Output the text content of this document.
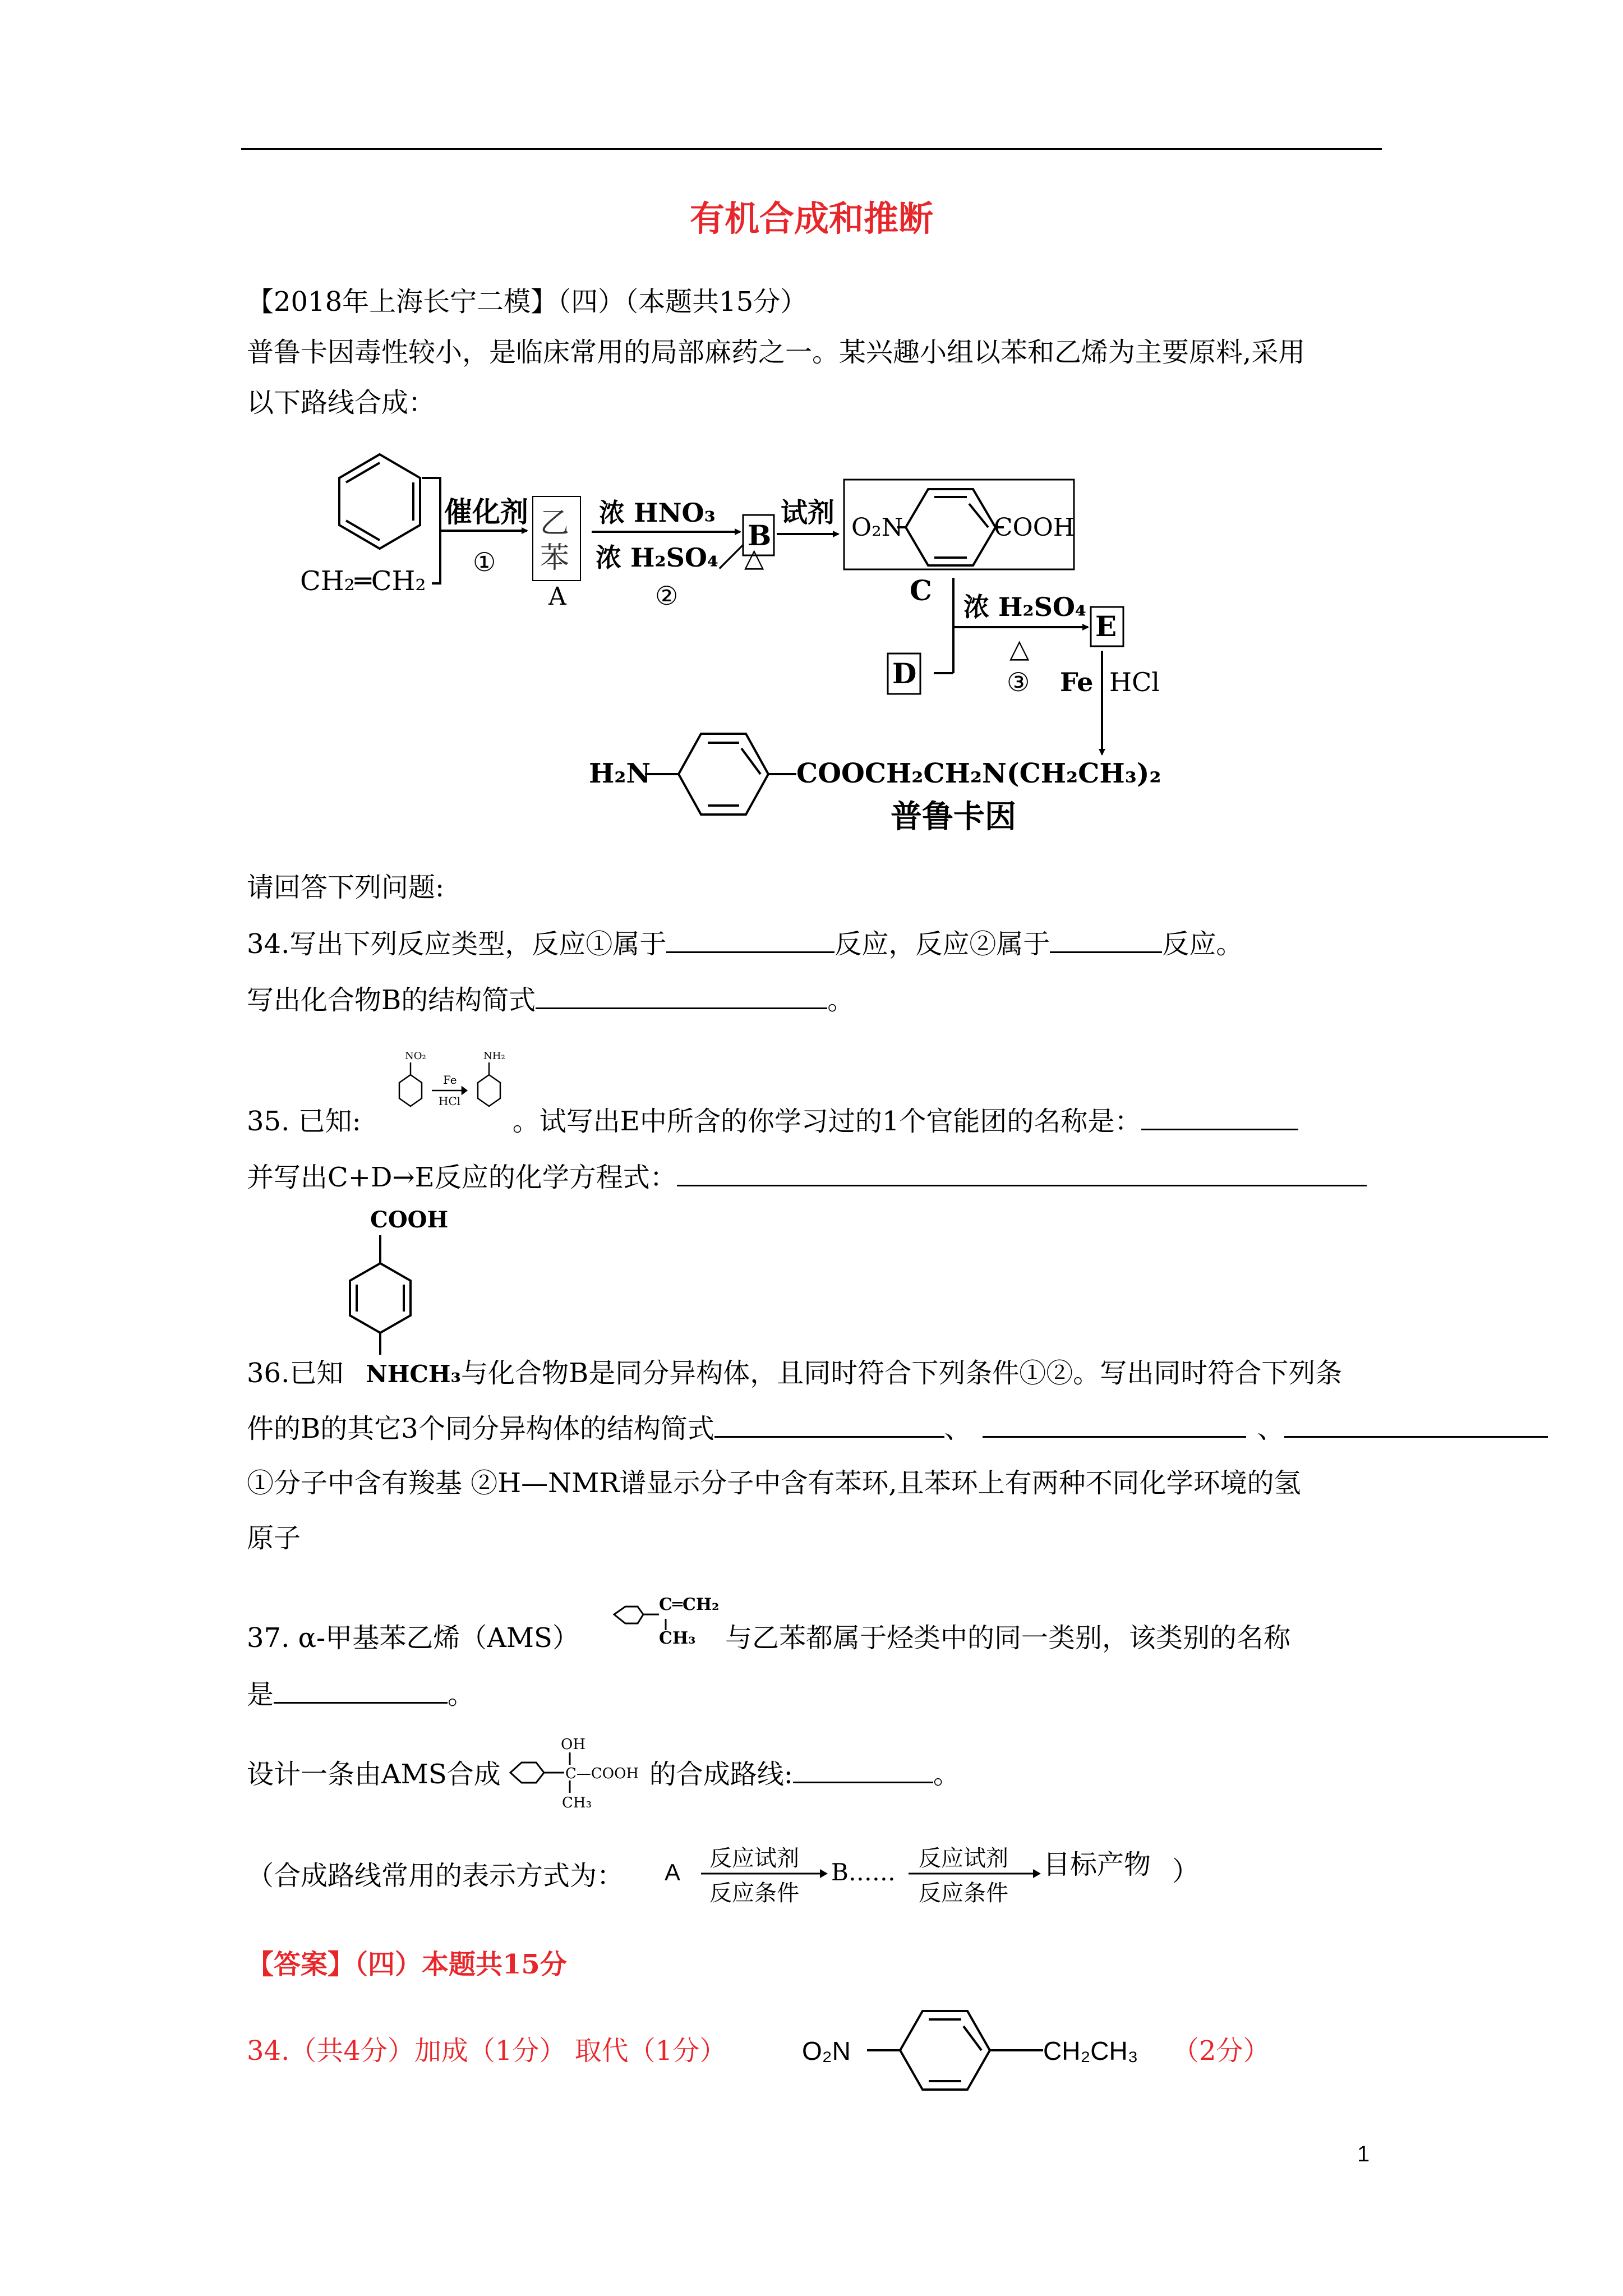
有机合成和推断
【2018年上海长宁二模】（四）（本题共15分）
普鲁卡因毒性较小，是临床常用的局部麻药之一。某兴趣小组以苯和乙烯为主要原料,采用
以下路线合成：
CH₂═CH₂
催化剂
①
乙
苯
A
浓 HNO₃
浓 H₂SO₄／△
②
B
试剂 O₂N	COOH
C 浓 H₂SO₄
△
③
D
E
Fe HCl
H₂N	COOCH₂CH₂N(CH₂CH₃)₂
普鲁卡因
请回答下列问题:
34.写出下列反应类型，反应①属于	反应，反应②属于	反应。
写出化合物B的结构简式	。
NO₂	NH₂
Fe
HCl
35. 已知:	。试写出E中所含的你学习过的1个官能团的名称是：
并写出C+D→E反应的化学方程式：
COOH
36.已知 NHCH₃与化合物B是同分异构体，且同时符合下列条件①②。写出同时符合下列条
件的B的其它3个同分异构体的结构简式	、	、
①分子中含有羧基 ②H—NMR谱显示分子中含有苯环,且苯环上有两种不同化学环境的氢
原子
C═CH₂
CH₃
37. α-甲基苯乙烯（AMS）	与乙苯都属于烃类中的同一类别，该类别的名称
是	。
OH
C—COOH
CH₃
设计一条由AMS合成	的合成路线:	。
（合成路线常用的表示方式为： A
反应试剂
反应条件
B…… 反应试剂
反应条件
目标产物 ）
【答案】（四）本题共15分
34.（共4分）加成（1分） 取代（1分）	O₂N	CH₂CH₃ （2分）
1
